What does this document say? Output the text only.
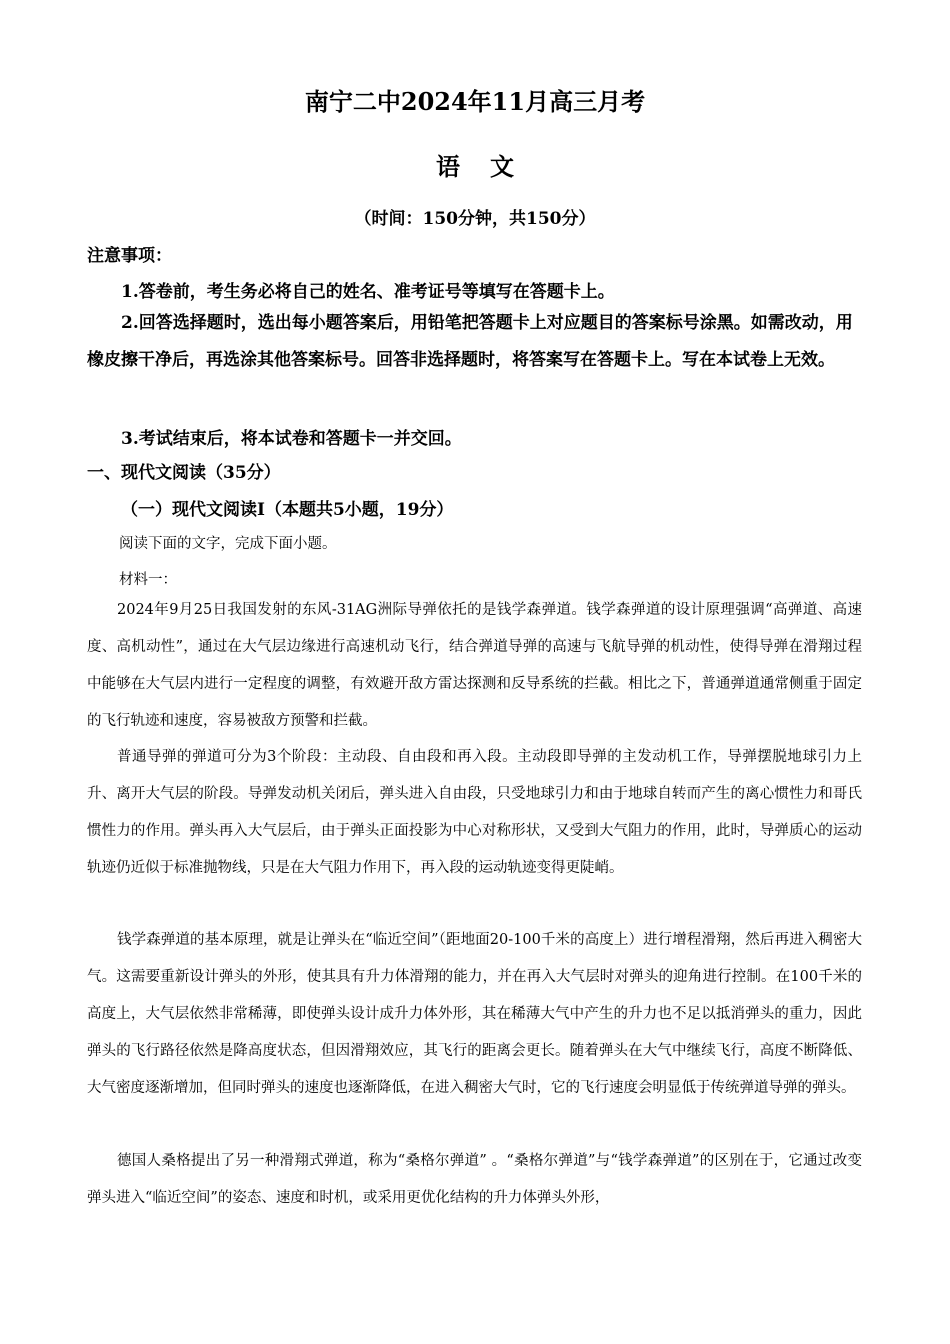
南宁二中2024年11月高三月考
语文
（时间：150分钟，共150分）
注意事项：
1.答卷前，考生务必将自己的姓名、准考证号等填写在答题卡上。
2.回答选择题时，选出每小题答案后，用铅笔把答题卡上对应题目的答案标号涂黑。如需改动，用橡皮擦干净后，再选涂其他答案标号。回答非选择题时，将答案写在答题卡上。写在本试卷上无效。
3.考试结束后，将本试卷和答题卡一并交回。
一、现代文阅读（35分）
（一）现代文阅读Ⅰ（本题共5小题，19分）
阅读下面的文字，完成下面小题。
材料一：
2024年9月25日我国发射的东风-31AG洲际导弹依托的是钱学森弹道。钱学森弹道的设计原理强调“高弹道、高速度、高机动性”，通过在大气层边缘进行高速机动飞行，结合弹道导弹的高速与飞航导弹的机动性，使得导弹在滑翔过程中能够在大气层内进行一定程度的调整，有效避开敌方雷达探测和反导系统的拦截。相比之下，普通弹道通常侧重于固定的飞行轨迹和速度，容易被敌方预警和拦截。
普通导弹的弹道可分为3个阶段：主动段、自由段和再入段。主动段即导弹的主发动机工作，导弹摆脱地球引力上升、离开大气层的阶段。导弹发动机关闭后，弹头进入自由段，只受地球引力和由于地球自转而产生的离心惯性力和哥氏惯性力的作用。弹头再入大气层后，由于弹头正面投影为中心对称形状，又受到大气阻力的作用，此时，导弹质心的运动轨迹仍近似于标准抛物线，只是在大气阻力作用下，再入段的运动轨迹变得更陡峭。
钱学森弹道的基本原理，就是让弹头在“临近空间”（距地面20-100千米的高度上）进行增程滑翔，然后再进入稠密大气。这需要重新设计弹头的外形，使其具有升力体滑翔的能力，并在再入大气层时对弹头的迎角进行控制。在100千米的高度上，大气层依然非常稀薄，即使弹头设计成升力体外形，其在稀薄大气中产生的升力也不足以抵消弹头的重力，因此弹头的飞行路径依然是降高度状态，但因滑翔效应，其飞行的距离会更长。随着弹头在大气中继续飞行，高度不断降低、大气密度逐渐增加，但同时弹头的速度也逐渐降低，在进入稠密大气时，它的飞行速度会明显低于传统弹道导弹的弹头。
德国人桑格提出了另一种滑翔式弹道，称为“桑格尔弹道” 。“桑格尔弹道”与“钱学森弹道”的区别在于，它通过改变弹头进入“临近空间”的姿态、速度和时机，或采用更优化结构的升力体弹头外形，
